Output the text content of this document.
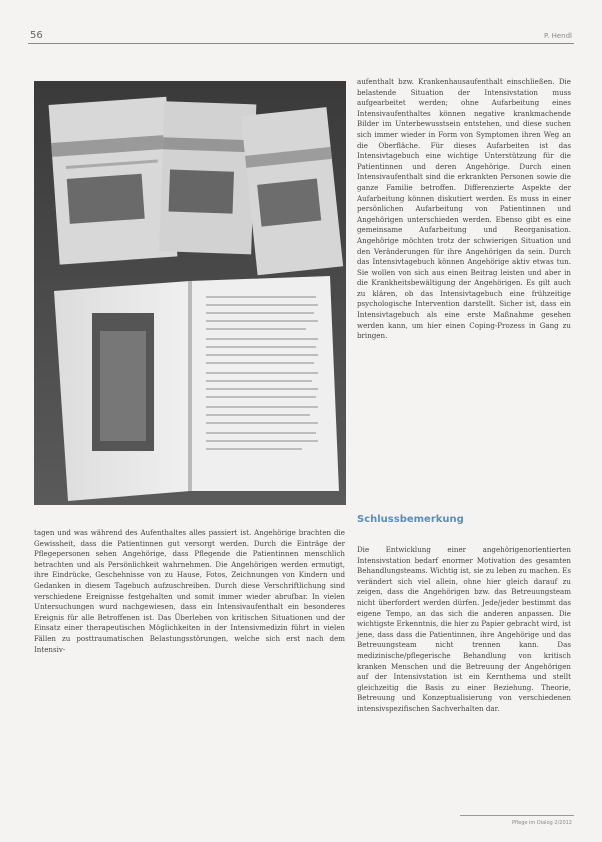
56	P. Hendl

aufenthalt bzw. Krankenhausaufenthalt einschließen. Die belastende Situation der Intensivstation muss aufgearbeitet werden; ohne Aufarbeitung eines Intensivaufenthaltes können negative krankmachende Bilder im Unterbewusstsein entstehen, und diese suchen sich immer wieder in Form von Symptomen ihren Weg an die Oberfläche. Für dieses Aufarbeiten ist das Intensivtagebuch eine wichtige Unterstützung für die Patientinnen und deren Angehörige. Durch einen Intensivaufenthalt sind die erkrankten Personen sowie die ganze Familie betroffen. Differenzierte Aspekte der Aufarbeitung können diskutiert werden. Es muss in einer persönlichen Aufarbeitung von Patientinnen und Angehörigen unterschieden werden. Ebenso gibt es eine gemeinsame Aufarbeitung und Reorganisation. Angehörige möchten trotz der schwierigen Situation und den Veränderungen für ihre Angehörigen da sein. Durch das Intensivtagebuch können Angehörige aktiv etwas tun. Sie wollen von sich aus einen Beitrag leisten und aber in die Krankheitsbewältigung der Angehörigen. Es gilt auch zu klären, ob das Intensivtagebuch eine frühzeitige psychologische Intervention darstellt. Sicher ist, dass ein Intensivtagebuch als eine erste Maßnahme gesehen werden kann, um hier einen Coping-Prozess in Gang zu bringen.

Schlussbemerkung

tagen und was während des Aufenthaltes alles passiert ist. Angehörige brachten die Gewissheit, dass die Patientinnen gut versorgt werden. Durch die Einträge der Pflegepersonen sehen Angehörige, dass Pflegende die Patientinnen menschlich betrachten und als Persönlichkeit wahrnehmen. Die Angehörigen werden ermutigt, ihre Eindrücke, Geschehnisse von zu Hause, Fotos, Zeichnungen von Kindern und Gedanken in diesem Tagebuch aufzuschreiben. Durch diese Verschriftlichung sind verschiedene Ereignisse festgehalten und somit immer wieder abrufbar. In vielen Untersuchungen wurd nachgewiesen, dass ein Intensivaufenthalt ein besonderes Ereignis für alle Betroffenen ist. Das Überleben von kritischen Situationen und der Einsatz einer therapeutischen Möglichkeiten in der Intensivmedizin führt in vielen Fällen zu posttraumatischen Belastungsstörungen, welche sich erst nach dem Intensiv-

Die Entwicklung einer angehörigenorientierten Intensivstation bedarf enormer Motivation des gesamten Behandlungsteams. Wichtig ist, sie zu leben zu machen. Es verändert sich viel allein, ohne hier gleich darauf zu zeigen, dass die Angehörigen bzw. das Betreuungsteam nicht überfordert werden dürfen. Jede/jeder bestimmt das eigene Tempo, an das sich die anderen anpassen. Die wichtigste Erkenntnis, die hier zu Papier gebracht wird, ist jene, dass dass die Patientinnen, ihre Angehörige und das Betreuungsteam nicht trennen kann. Das medizinische/pflegerische Behandlung von kritisch kranken Menschen und die Betreuung der Angehörigen auf der Intensivstation ist ein Kernthema und stellt gleichzeitig die Basis zu einer Beziehung. Theorie, Betreuung und Konzeptualisierung von verschiedenen intensivspezifischen Sachverhalten dar.

Pflege im Dialog 2/2012
